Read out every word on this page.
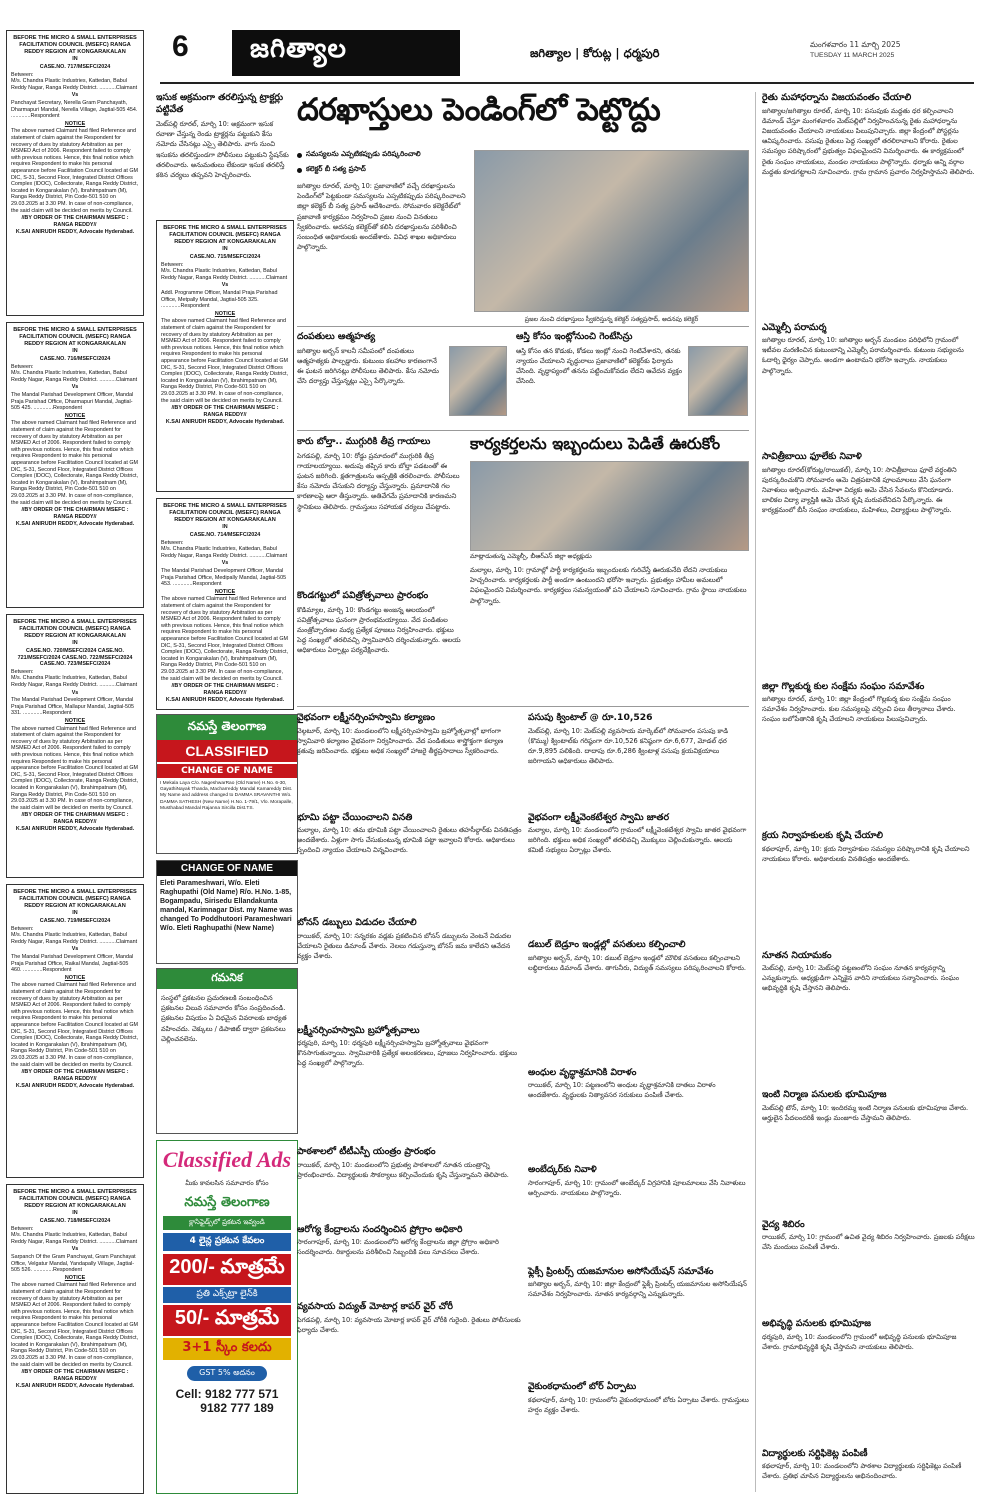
BEFORE THE MICRO & SMALL ENTERPRISES FACILITATION COUNCIL (MSEFC) RANGA REDDY REGION AT KONGARAKALAN

IN

CASE.NO. 717/MSEFC/2024

Between:

M/s. Chandra Plastic Industries, Kattedan, Babul Reddy Nagar, Ranga Reddy District. ...........Claimant

Vs

Panchayat Secretary, Nerella Gram Panchayath, Dharmapuri Mandal, Nerella Village, Jagtial-505 454. .............Respondent

NOTICE

The above named Claimant had filed Reference and statement of claim against the Respondent for recovery of dues by statutory Arbitration as per MSMED Act of 2006. Respondent failed to comply with previous notices. Hence, this final notice which requires Respondent to make his personal appearance before Facilitation Council located at GM DIC, S-31, Second Floor, Integrated District Offices Complex (IDOC), Collectorate, Ranga Reddy District, located in Kongarakalan (V), Ibrahimpatnam (M), Ranga Reddy District, Pin Code-501 510 on 29.03.2025 at 3.30 PM. In case of non-compliance, the said claim will be decided on merits by Council.

//BY ORDER OF THE CHAIRMAN MSEFC : RANGA REDDY//

K.SAI ANIRUDH REDDY, Advocate Hyderabad.

BEFORE THE MICRO & SMALL ENTERPRISES FACILITATION COUNCIL (MSEFC) RANGA REDDY REGION AT KONGARAKALAN

IN

CASE.NO. 716/MSEFC/2024

Between:

M/s. Chandra Plastic Industries, Kattedan, Babul Reddy Nagar, Ranga Reddy District. ...........Claimant

Vs

The Mandal Parishad Development Officer, Mandal Praja Parishad Office, Dharmapuri Mandal, Jagtial-505 425. .............Respondent

NOTICE

The above named Claimant had filed Reference and statement of claim against the Respondent for recovery of dues by statutory Arbitration as per MSMED Act of 2006. Respondent failed to comply with previous notices. Hence, this final notice which requires Respondent to make his personal appearance before Facilitation Council located at GM DIC, S-31, Second Floor, Integrated District Offices Complex (IDOC), Collectorate, Ranga Reddy District, located in Kongarakalan (V), Ibrahimpatnam (M), Ranga Reddy District, Pin Code-501 510 on 29.03.2025 at 3.30 PM. In case of non-compliance, the said claim will be decided on merits by Council.

//BY ORDER OF THE CHAIRMAN MSEFC : RANGA REDDY//

K.SAI ANIRUDH REDDY, Advocate Hyderabad.

BEFORE THE MICRO & SMALL ENTERPRISES FACILITATION COUNCIL (MSEFC) RANGA REDDY REGION AT KONGARAKALAN

IN

CASE.NO. 720/MSEFC/2024 CASE.NO. 721/MSEFC/2024 CASE.NO. 722/MSEFC/2024 CASE.NO. 723/MSEFC/2024

Between:

M/s. Chandra Plastic Industries, Kattedan, Babul Reddy Nagar, Ranga Reddy District. ...........Claimant

Vs

The Mandal Parishad Development Officer, Mandal Praja Parishad Office, Mallapur Mandal, Jagtial-505 331. .............Respondent

NOTICE

The above named Claimant had filed Reference and statement of claim against the Respondent for recovery of dues by statutory Arbitration as per MSMED Act of 2006. Respondent failed to comply with previous notices. Hence, this final notice which requires Respondent to make his personal appearance before Facilitation Council located at GM DIC, S-31, Second Floor, Integrated District Offices Complex (IDOC), Collectorate, Ranga Reddy District, located in Kongarakalan (V), Ibrahimpatnam (M), Ranga Reddy District, Pin Code-501 510 on 29.03.2025 at 3.30 PM. In case of non-compliance, the said claim will be decided on merits by Council.

//BY ORDER OF THE CHAIRMAN MSEFC : RANGA REDDY//

K.SAI ANIRUDH REDDY, Advocate Hyderabad.

BEFORE THE MICRO & SMALL ENTERPRISES FACILITATION COUNCIL (MSEFC) RANGA REDDY REGION AT KONGARAKALAN

IN

CASE.NO. 719/MSEFC/2024

Between:

M/s. Chandra Plastic Industries, Kattedan, Babul Reddy Nagar, Ranga Reddy District. ...........Claimant

Vs

The Mandal Parishad Development Officer, Mandal Praja Parishad Office, Raikal Mandal, Jagtial-505 460. .............Respondent

NOTICE

The above named Claimant had filed Reference and statement of claim against the Respondent for recovery of dues by statutory Arbitration as per MSMED Act of 2006. Respondent failed to comply with previous notices. Hence, this final notice which requires Respondent to make his personal appearance before Facilitation Council located at GM DIC, S-31, Second Floor, Integrated District Offices Complex (IDOC), Collectorate, Ranga Reddy District, located in Kongarakalan (V), Ibrahimpatnam (M), Ranga Reddy District, Pin Code-501 510 on 29.03.2025 at 3.30 PM. In case of non-compliance, the said claim will be decided on merits by Council.

//BY ORDER OF THE CHAIRMAN MSEFC : RANGA REDDY//

K.SAI ANIRUDH REDDY, Advocate Hyderabad.

BEFORE THE MICRO & SMALL ENTERPRISES FACILITATION COUNCIL (MSEFC) RANGA REDDY REGION AT KONGARAKALAN

IN

CASE.NO. 718/MSEFC/2024

Between:

M/s. Chandra Plastic Industries, Kattedan, Babul Reddy Nagar, Ranga Reddy District. ...........Claimant

Vs

Sarpanch Of the Gram Panchayat, Gram Panchayat Office, Velgatur Mandal, Yandapally Village, Jagtial-505 526. .............Respondent

NOTICE

The above named Claimant had filed Reference and statement of claim against the Respondent for recovery of dues by statutory Arbitration as per MSMED Act of 2006. Respondent failed to comply with previous notices. Hence, this final notice which requires Respondent to make his personal appearance before Facilitation Council located at GM DIC, S-31, Second Floor, Integrated District Offices Complex (IDOC), Collectorate, Ranga Reddy District, located in Kongarakalan (V), Ibrahimpatnam (M), Ranga Reddy District, Pin Code-501 510 on 29.03.2025 at 3.30 PM. In case of non-compliance, the said claim will be decided on merits by Council.

//BY ORDER OF THE CHAIRMAN MSEFC : RANGA REDDY//

K.SAI ANIRUDH REDDY, Advocate Hyderabad.

BEFORE THE MICRO & SMALL ENTERPRISES FACILITATION COUNCIL (MSEFC) RANGA REDDY REGION AT KONGARAKALAN

IN

CASE.NO. 715/MSEFC/2024

Between:

M/s. Chandra Plastic Industries, Kattedan, Babul Reddy Nagar, Ranga Reddy District. ...........Claimant

Vs

Addl. Programme Officer, Mandal Praja Parishad Office, Metpally Mandal, Jagtial-505 325. .............Respondent

NOTICE

The above named Claimant had filed Reference and statement of claim against the Respondent for recovery of dues by statutory Arbitration as per MSMED Act of 2006. Respondent failed to comply with previous notices. Hence, this final notice which requires Respondent to make his personal appearance before Facilitation Council located at GM DIC, S-31, Second Floor, Integrated District Offices Complex (IDOC), Collectorate, Ranga Reddy District, located in Kongarakalan (V), Ibrahimpatnam (M), Ranga Reddy District, Pin Code-501 510 on 29.03.2025 at 3.30 PM. In case of non-compliance, the said claim will be decided on merits by Council.

//BY ORDER OF THE CHAIRMAN MSEFC : RANGA REDDY//

K.SAI ANIRUDH REDDY, Advocate Hyderabad.

BEFORE THE MICRO & SMALL ENTERPRISES FACILITATION COUNCIL (MSEFC) RANGA REDDY REGION AT KONGARAKALAN

IN

CASE.NO. 714/MSEFC/2024

Between:

M/s. Chandra Plastic Industries, Kattedan, Babul Reddy Nagar, Ranga Reddy District. ...........Claimant

Vs

The Mandal Parishad Development Officer, Mandal Praja Parishad Office, Medipally Mandal, Jagtial-505 453. .............Respondent

NOTICE

The above named Claimant had filed Reference and statement of claim against the Respondent for recovery of dues by statutory Arbitration as per MSMED Act of 2006. Respondent failed to comply with previous notices. Hence, this final notice which requires Respondent to make his personal appearance before Facilitation Council located at GM DIC, S-31, Second Floor, Integrated District Offices Complex (IDOC), Collectorate, Ranga Reddy District, located in Kongarakalan (V), Ibrahimpatnam (M), Ranga Reddy District, Pin Code-501 510 on 29.03.2025 at 3.30 PM. In case of non-compliance, the said claim will be decided on merits by Council.

//BY ORDER OF THE CHAIRMAN MSEFC : RANGA REDDY//

K.SAI ANIRUDH REDDY, Advocate Hyderabad.

6	జగిత్యాల	జగిత్యాల | కోరుట్ల | ధర్మపురి
మంగళవారం 11 మార్చి 2025
TUESDAY 11 MARCH 2025
ఇసుక అక్రమంగా తరలిస్తున్న ట్రాక్టర్లు పట్టివేత
మెట్‌పల్లి రూరల్, మార్చి 10: అక్రమంగా ఇసుక రవాణా చేస్తున్న రెండు ట్రాక్టర్లను పట్టుకుని కేసు నమోదు చేసినట్లు ఎస్సై తెలిపారు. వాగు నుంచి ఇసుకను తరలిస్తుండగా పోలీసులు పట్టుకుని స్టేషన్‌కు తరలించారు. అనుమతులు లేకుండా ఇసుక తరలిస్తే కఠిన చర్యలు తప్పవని హెచ్చరించారు.
నమస్తే తెలంగాణ
CLASSIFIED
CHANGE OF NAME
I Mekala Laya C/o. NageshwarRao (Old Name) H.No. 6-30, GayathiNayak Thanda, Macharreddy Mandal Kamareddy Dist. My Name and address changed to DAMMA SRAVANTHI W/o. DAMMA SATHESH (New Name) H.No. 1-79/1, Vlo. Morapalle, Musthabad Mandal Rajanna Sircilla Dist.TS.
CHANGE OF NAME
Eleti Parameshwari, W/o. Eleti Raghupathi (Old Name) R/o. H.No. 1-85, Bogampadu, Sirisedu Ellandakunta mandal, Karimnagar Dist. my Name was changed To Poddhutoori Parameshwari W/o. Eleti Raghupathi (New Name)
గమనిక
సంస్థలో ప్రకటనల ప్రచురణలకి సంబంధించిన ప్రకటనల విలువ సమాచారం కోసం సంప్రదించండి. ప్రకటనల విషయం ఏ విధమైన వివరాలకు బాధ్యత వహించదు. చెక్కులు / డిపాజిట్ ద్వారా ప్రకటనలు చెల్లించవలెను.
Classified Ads
మీకు కావలసిన సమాచారం కోసం
నమస్తే తెలంగాణ
క్లాసిఫైడ్స్‌లో ప్రకటన ఇవ్వండి
4 లైన్ల ప్రకటన కేవలం
200/- మాత్రమే
ప్రతి ఎక్స్‌ట్రా లైన్‌కి
50/- మాత్రమే
3+1 స్కీం కలదు
GST 5% అదనం
Cell: 9182 777 571
9182 777 189
దరఖాస్తులు పెండింగ్‌లో పెట్టొద్దు
సమస్యలను ఎప్పటికప్పుడు పరిష్కరించాలి
కలెక్టర్ బీ సత్య ప్రసాద్
జగిత్యాల రూరల్, మార్చి 10: ప్రజావాణిలో వచ్చే దరఖాస్తులను పెండింగ్‌లో పెట్టకుండా సమస్యలను ఎప్పటికప్పుడు పరిష్కరించాలని జిల్లా కలెక్టర్ బీ సత్య ప్రసాద్ ఆదేశించారు. సోమవారం కలెక్టరేట్‌లో ప్రజావాణి కార్యక్రమం నిర్వహించి ప్రజల నుంచి వినతులు స్వీకరించారు. అదనపు కలెక్టర్‌తో కలిసి దరఖాస్తులను పరిశీలించి సంబంధిత అధికారులకు అందజేశారు. వివిధ శాఖల అధికారులు పాల్గొన్నారు.
ప్రజల నుంచి దరఖాస్తులు స్వీకరిస్తున్న కలెక్టర్ సత్యప్రసాద్, అదనపు కలెక్టర్
దంపతులు ఆత్మహత్య
జగిత్యాల అర్బన్ కాలనీ సమీపంలో దంపతులు ఆత్మహత్యకు పాల్పడ్డారు. కుటుంబ కలహాల కారణంగానే ఈ ఘటన జరిగినట్లు పోలీసులు తెలిపారు. కేసు నమోదు చేసి దర్యాప్తు చేస్తున్నట్లు ఎస్సై పేర్కొన్నారు.
ఆస్తి కోసం ఇంట్లోనుంచి గెంటేసిన్రు
ఆస్తి కోసం తన కొడుకు, కోడలు ఇంట్లో నుంచి గెంటివేశారని, తనకు న్యాయం చేయాలని వృద్ధురాలు ప్రజావాణిలో కలెక్టర్‌కు ఫిర్యాదు చేసింది. వృద్ధాప్యంలో తనను పట్టించుకోవడం లేదని ఆవేదన వ్యక్తం చేసింది.
కారు బోల్తా.. ముగ్గురికి తీవ్ర గాయాలు
పెగడపల్లి, మార్చి 10: రోడ్డు ప్రమాదంలో ముగ్గురికి తీవ్ర గాయాలయ్యాయి. అదుపు తప్పిన కారు బోల్తా పడటంతో ఈ ఘటన జరిగింది. క్షతగాత్రులను ఆస్పత్రికి తరలించారు. పోలీసులు కేసు నమోదు చేసుకుని దర్యాప్తు చేస్తున్నారు. ప్రమాదానికి గల కారణాలపై ఆరా తీస్తున్నారు. అతివేగమే ప్రమాదానికి కారణమని స్థానికులు తెలిపారు. గ్రామస్తులు సహాయక చర్యలు చేపట్టారు.
కొండగట్టులో పవిత్రోత్సవాలు ప్రారంభం
కొడిమ్యాల, మార్చి 10: కొండగట్టు అంజన్న ఆలయంలో పవిత్రోత్సవాలు ఘనంగా ప్రారంభమయ్యాయి. వేద పండితుల మంత్రోచ్చారణల మధ్య ప్రత్యేక పూజలు నిర్వహించారు. భక్తులు పెద్ద సంఖ్యలో తరలివచ్చి స్వామివారిని దర్శించుకున్నారు. ఆలయ అధికారులు ఏర్పాట్లు పర్యవేక్షించారు.
కార్యకర్తలను ఇబ్బందులు పెడితే ఊరుకోం
మాట్లాడుతున్న ఎమ్మెల్సీ, బీఆర్‌ఎస్ జిల్లా అధ్యక్షుడు
మల్యాల, మార్చి 10: గ్రామాల్లో పార్టీ కార్యకర్తలను ఇబ్బందులకు గురిచేస్తే ఊరుకునేది లేదని నాయకులు హెచ్చరించారు. కార్యకర్తలకు పార్టీ అండగా ఉంటుందని భరోసా ఇచ్చారు. ప్రభుత్వం హామీల అమలులో విఫలమైందని విమర్శించారు. కార్యకర్తలు సమన్వయంతో పని చేయాలని సూచించారు. గ్రామ స్థాయి నాయకులు పాల్గొన్నారు.
వైభవంగా లక్ష్మీనర్సింహస్వామి కల్యాణం
వెల్గటూర్, మార్చి 10: మండలంలోని లక్ష్మీనర్సింహస్వామి బ్రహ్మోత్సవాల్లో భాగంగా స్వామివారి కల్యాణం వైభవంగా నిర్వహించారు. వేద పండితులు శాస్త్రోక్తంగా కల్యాణ క్రతువు జరిపించారు. భక్తులు అధిక సంఖ్యలో హాజరై తీర్థప్రసాదాలు స్వీకరించారు.
భూమి పట్టా చేయించాలని వినతి
మల్యాల, మార్చి 10: తమ భూమికి పట్టా చేయించాలని రైతులు తహసీల్దార్‌కు వినతిపత్రం అందజేశారు. ఏళ్లుగా సాగు చేసుకుంటున్న భూమికి పట్టా ఇవ్వాలని కోరారు. అధికారులు స్పందించి న్యాయం చేయాలని విన్నవించారు.
బోనస్ డబ్బులు విడుదల చేయాలి
రాయికల్, మార్చి 10: సన్నరకం వడ్లకు ప్రకటించిన బోనస్ డబ్బులను వెంటనే విడుదల చేయాలని రైతులు డిమాండ్ చేశారు. నెలలు గడుస్తున్నా బోనస్ జమ కాలేదని ఆవేదన వ్యక్తం చేశారు.
లక్ష్మీనర్సింహస్వామి బ్రహ్మోత్సవాలు
ధర్మపురి, మార్చి 10: ధర్మపురి లక్ష్మీనర్సింహస్వామి బ్రహ్మోత్సవాలు వైభవంగా కొనసాగుతున్నాయి. స్వామివారికి ప్రత్యేక అలంకరణలు, పూజలు నిర్వహించారు. భక్తులు పెద్ద సంఖ్యలో పాల్గొన్నారు.
పాఠశాలలో టీటీఎస్పీ యంత్రం ప్రారంభం
రాయికల్, మార్చి 10: మండలంలోని ప్రభుత్వ పాఠశాలలో నూతన యంత్రాన్ని ప్రారంభించారు. విద్యార్థులకు సౌకర్యాలు కల్పించేందుకు కృషి చేస్తున్నామని తెలిపారు.
ఆరోగ్య కేంద్రాలను సందర్శించిన ప్రోగ్రాం అధికారి
సారంగాపూర్, మార్చి 10: మండలంలోని ఆరోగ్య కేంద్రాలను జిల్లా ప్రోగ్రాం అధికారి సందర్శించారు. రికార్డులను పరిశీలించి సిబ్బందికి పలు సూచనలు చేశారు.
వ్యవసాయ విద్యుత్ మోటార్ల కాపర్ వైర్ చోరీ
పెగడపల్లి, మార్చి 10: వ్యవసాయ మోటార్ల కాపర్ వైర్ చోరీకి గురైంది. రైతులు పోలీసులకు ఫిర్యాదు చేశారు.
పసుపు క్వింటాల్ @ రూ.10,526
మెట్‌పల్లి, మార్చి 10: మెట్‌పల్లి వ్యవసాయ మార్కెట్‌లో సోమవారం పసుపు కాడి (కొమ్ము) క్వింటాల్‌కు గరిష్ఠంగా రూ.10,526 కనిష్ఠంగా రూ.6,677, మోడల్ ధర రూ.9,895 పలికింది. దాదాపు రూ.6,286 క్వింటాళ్ల పసుపు క్రయవిక్రయాలు జరిగాయని అధికారులు తెలిపారు.
వైభవంగా లక్ష్మీవెంకటేశ్వర స్వామి జాతర
మల్యాల, మార్చి 10: మండలంలోని గ్రామంలో లక్ష్మీవెంకటేశ్వర స్వామి జాతర వైభవంగా జరిగింది. భక్తులు అధిక సంఖ్యలో తరలివచ్చి మొక్కులు చెల్లించుకున్నారు. ఆలయ కమిటీ సభ్యులు ఏర్పాట్లు చేశారు.
డబుల్ బెడ్రూం ఇండ్లల్లో వసతులు కల్పించాలి
జగిత్యాల అర్బన్, మార్చి 10: డబుల్ బెడ్రూం ఇండ్లలో మౌలిక వసతులు కల్పించాలని లబ్ధిదారులు డిమాండ్ చేశారు. తాగునీరు, విద్యుత్ సమస్యలు పరిష్కరించాలని కోరారు.
అంధుల వృద్ధాశ్రమానికి విరాళం
రాయికల్, మార్చి 10: పట్టణంలోని అంధుల వృద్ధాశ్రమానికి దాతలు విరాళం అందజేశారు. వృద్ధులకు నిత్యావసర సరుకులు పంపిణీ చేశారు.
అంబేద్కర్‌కు నివాళి
సారంగాపూర్, మార్చి 10: గ్రామంలో అంబేద్కర్ విగ్రహానికి పూలమాలలు వేసి నివాళులు అర్పించారు. నాయకులు పాల్గొన్నారు.
ఫ్లెక్సీ ప్రింటర్స్ యజమానుల అసోసియేషన్ సమావేశం
జగిత్యాల అర్బన్, మార్చి 10: జిల్లా కేంద్రంలో ఫ్లెక్సీ ప్రింటర్స్ యజమానుల అసోసియేషన్ సమావేశం నిర్వహించారు. నూతన కార్యవర్గాన్ని ఎన్నుకున్నారు.
వైకుంఠధామంలో బోర్ ఏర్పాటు
కథలాపూర్, మార్చి 10: గ్రామంలోని వైకుంఠధామంలో బోరు ఏర్పాటు చేశారు. గ్రామస్తులు హర్షం వ్యక్తం చేశారు.
రైతు మహాధర్నాను విజయవంతం చేయాలి
జగిత్యాల/జగిత్యాల రూరల్, మార్చి 10: పసుపుకు మద్దతు ధర కల్పించాలని డిమాండ్ చేస్తూ మంగళవారం మెట్‌పల్లిలో నిర్వహించనున్న రైతు మహాధర్నాను విజయవంతం చేయాలని నాయకులు పిలుపునిచ్చారు. జిల్లా కేంద్రంలో పోస్టర్లను ఆవిష్కరించారు. పసుపు రైతులు పెద్ద సంఖ్యలో తరలిరావాలని కోరారు. రైతుల సమస్యల పరిష్కారంలో ప్రభుత్వం విఫలమైందని విమర్శించారు. ఈ కార్యక్రమంలో రైతు సంఘం నాయకులు, మండల నాయకులు పాల్గొన్నారు. ధర్నాకు అన్ని వర్గాల మద్దతు కూడగట్టాలని సూచించారు. గ్రామ గ్రామాన ప్రచారం నిర్వహిస్తామని తెలిపారు.
ఎమ్మెల్సీ పరామర్శ
జగిత్యాల రూరల్, మార్చి 10: జగిత్యాల అర్బన్ మండలం పరిధిలోని గ్రామంలో ఇటీవల మరణించిన కుటుంబాన్ని ఎమ్మెల్సీ పరామర్శించారు. కుటుంబ సభ్యులను ఓదార్చి ధైర్యం చెప్పారు. అండగా ఉంటామని భరోసా ఇచ్చారు. నాయకులు పాల్గొన్నారు.
సావిత్రీబాయి ఫూలేకు నివాళి
జగిత్యాల రూరల్(కోరుట్ల/రాయికల్), మార్చి 10: సావిత్రీబాయి ఫూలే వర్ధంతిని పురస్కరించుకొని సోమవారం ఆమె చిత్రపటానికి పూలమాలలు వేసి ఘనంగా నివాళులు అర్పించారు. మహిళా విద్యకు ఆమె చేసిన సేవలను కొనియాడారు. బాలికల విద్యా వ్యాప్తికి ఆమె చేసిన కృషి మరువలేనిదని పేర్కొన్నారు. ఈ కార్యక్రమంలో బీసీ సంఘం నాయకులు, మహిళలు, విద్యార్థులు పాల్గొన్నారు.
జిల్లా గొల్లకుర్మ కుల సంక్షేమ సంఘం సమావేశం
జగిత్యాల రూరల్, మార్చి 10: జిల్లా కేంద్రంలో గొల్లకుర్మ కుల సంక్షేమ సంఘం సమావేశం నిర్వహించారు. కుల సమస్యలపై చర్చించి పలు తీర్మానాలు చేశారు. సంఘం బలోపేతానికి కృషి చేయాలని నాయకులు పిలుపునిచ్చారు.
క్రయ నిర్వాహకులకు కృషి చేయాలి
కథలాపూర్, మార్చి 10: క్రయ నిర్వాహకుల సమస్యల పరిష్కారానికి కృషి చేయాలని నాయకులు కోరారు. అధికారులకు వినతిపత్రం అందజేశారు.
నూతన నియామకం
మెట్‌పల్లి, మార్చి 10: మెట్‌పల్లి పట్టణంలోని సంఘం నూతన కార్యవర్గాన్ని ఎన్నుకున్నారు. అధ్యక్షుడిగా ఎన్నికైన వారిని నాయకులు సన్మానించారు. సంఘం అభివృద్ధికి కృషి చేస్తానని తెలిపారు.
ఇంటి నిర్మాణ పనులకు భూమిపూజ
మెట్‌పల్లి టౌన్, మార్చి 10: ఇందిరమ్మ ఇంటి నిర్మాణ పనులకు భూమిపూజ చేశారు. అర్హులైన పేదలందరికీ ఇండ్లు మంజూరు చేస్తామని తెలిపారు.
వైద్య శిబిరం
రాయికల్, మార్చి 10: గ్రామంలో ఉచిత వైద్య శిబిరం నిర్వహించారు. ప్రజలకు పరీక్షలు చేసి మందులు పంపిణీ చేశారు.
అభివృద్ధి పనులకు భూమిపూజ
ధర్మపురి, మార్చి 10: మండలంలోని గ్రామంలో అభివృద్ధి పనులకు భూమిపూజ చేశారు. గ్రామాభివృద్ధికి కృషి చేస్తామని నాయకులు తెలిపారు.
విద్యార్థులకు సర్టిఫికెట్ల పంపిణీ
కథలాపూర్, మార్చి 10: మండలంలోని పాఠశాల విద్యార్థులకు సర్టిఫికెట్లు పంపిణీ చేశారు. ప్రతిభ చూపిన విద్యార్థులను అభినందించారు.
